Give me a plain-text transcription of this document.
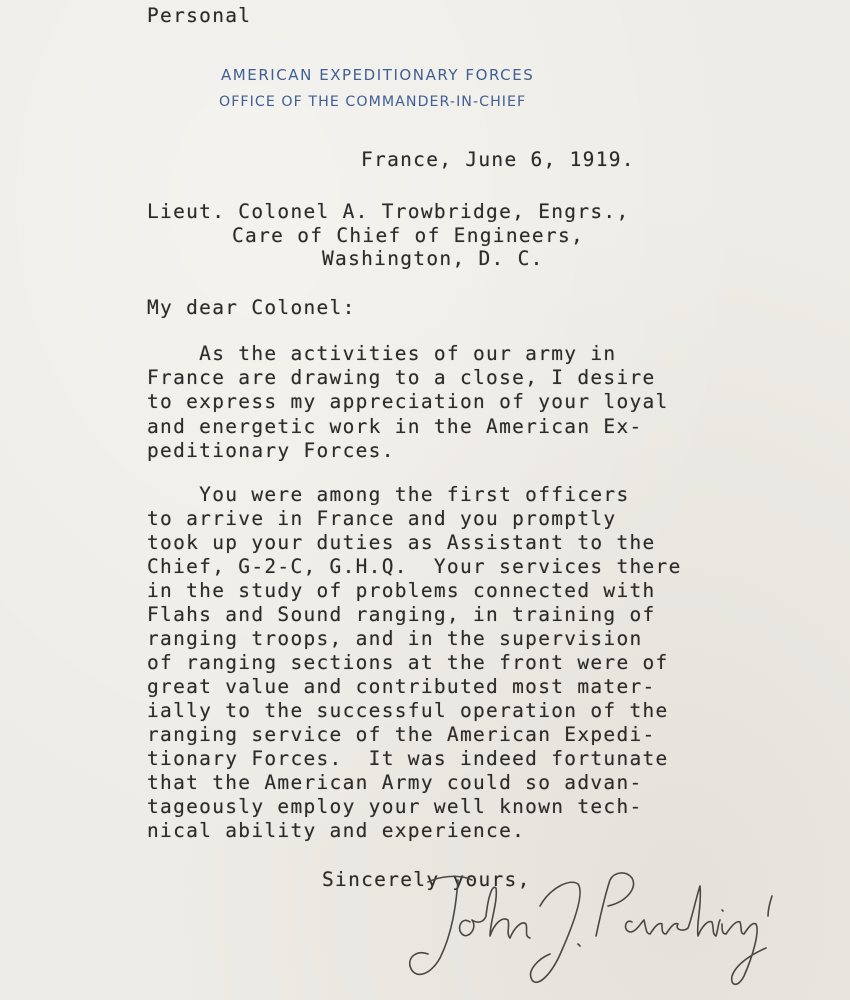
Personal
AMERICAN EXPEDITIONARY FORCES
OFFICE OF THE COMMANDER-IN-CHIEF
France, June 6, 1919.
Lieut. Colonel A. Trowbridge, Engrs.,
Care of Chief of Engineers,
Washington, D. C.
My dear Colonel:
As the activities of our army in
France are drawing to a close, I desire
to express my appreciation of your loyal
and energetic work in the American Ex-
peditionary Forces.
You were among the first officers
to arrive in France and you promptly
took up your duties as Assistant to the
Chief, G-2-C, G.H.Q.  Your services there
in the study of problems connected with
Flahs and Sound ranging, in training of
ranging troops, and in the supervision
of ranging sections at the front were of
great value and contributed most mater-
ially to the successful operation of the
ranging service of the American Expedi-
tionary Forces.  It was indeed fortunate
that the American Army could so advan-
tageously employ your well known tech-
nical ability and experience.
Sincerely yours,
